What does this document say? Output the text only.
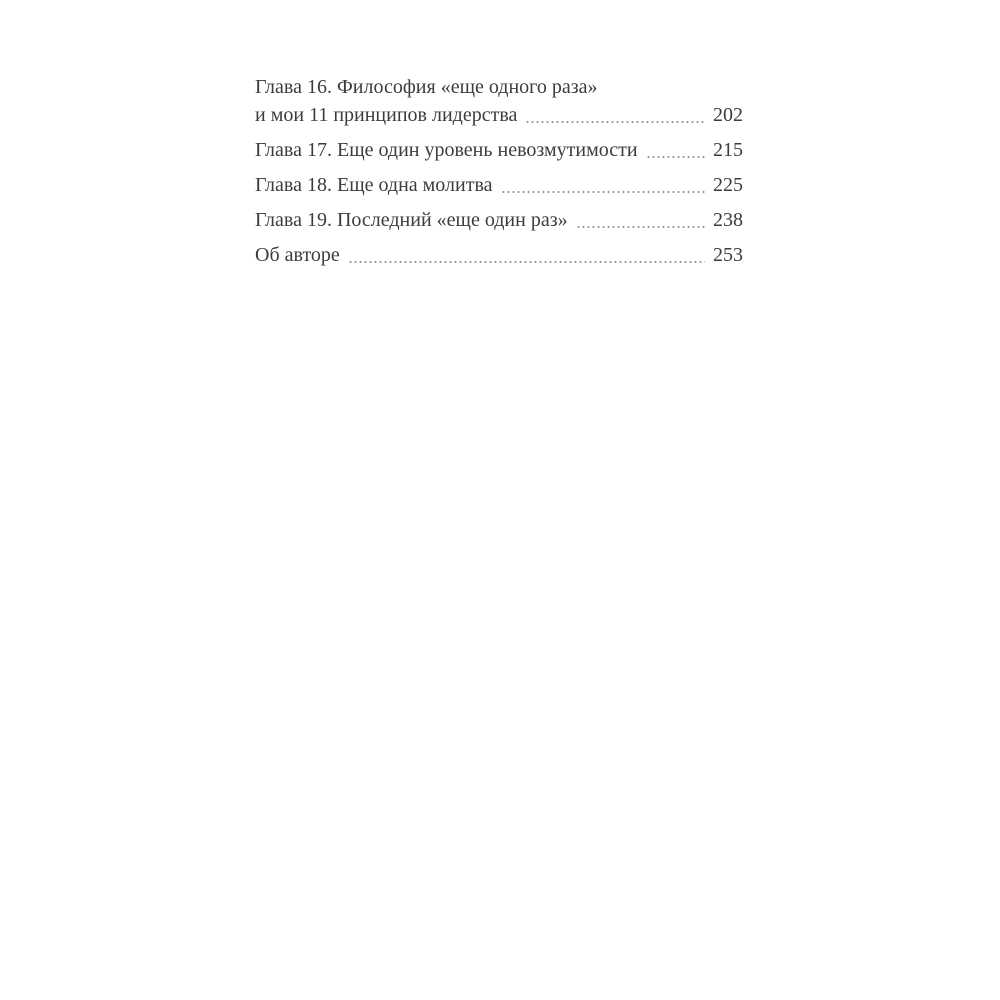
Глава 16. Философия «еще одного раза»
и мои 11 принципов лидерства	202
Глава 17. Еще один уровень невозмутимости	215
Глава 18. Еще одна молитва	225
Глава 19. Последний «еще один раз»	238
Об авторе	253
